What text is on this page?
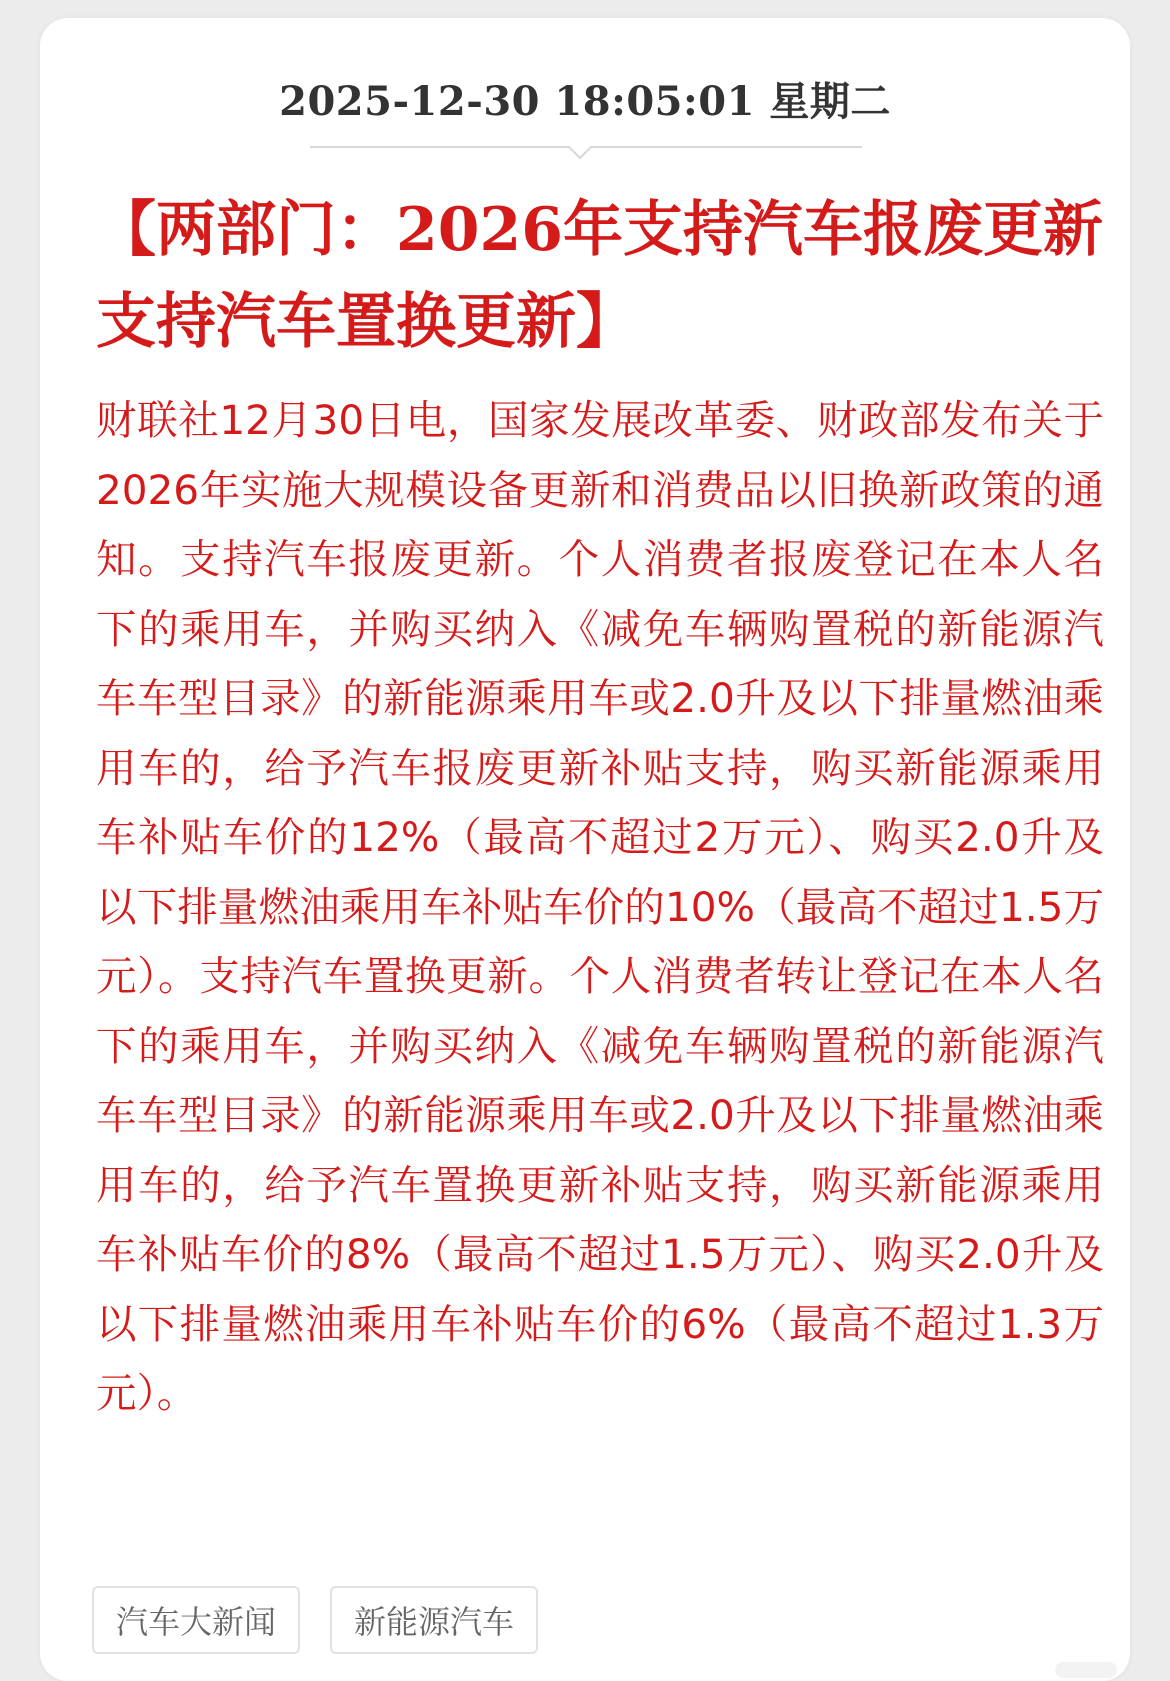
2025-12-30 18:05:01 星期二
【两部门：2026年支持汽车报废更新支持汽车置换更新】

财联社12月30日电，国家发展改革委、财政部发布关于2026年实施大规模设备更新和消费品以旧换新政策的通知。支持汽车报废更新。个人消费者报废登记在本人名下的乘用车，并购买纳入《减免车辆购置税的新能源汽车车型目录》的新能源乘用车或2.0升及以下排量燃油乘用车的，给予汽车报废更新补贴支持，购买新能源乘用车补贴车价的12%（最高不超过2万元）、购买2.0升及以下排量燃油乘用车补贴车价的10%（最高不超过1.5万元）。支持汽车置换更新。个人消费者转让登记在本人名下的乘用车，并购买纳入《减免车辆购置税的新能源汽车车型目录》的新能源乘用车或2.0升及以下排量燃油乘用车的，给予汽车置换更新补贴支持，购买新能源乘用车补贴车价的8%（最高不超过1.5万元）、购买2.0升及以下排量燃油乘用车补贴车价的6%（最高不超过1.3万元）。

汽车大新闻	新能源汽车
